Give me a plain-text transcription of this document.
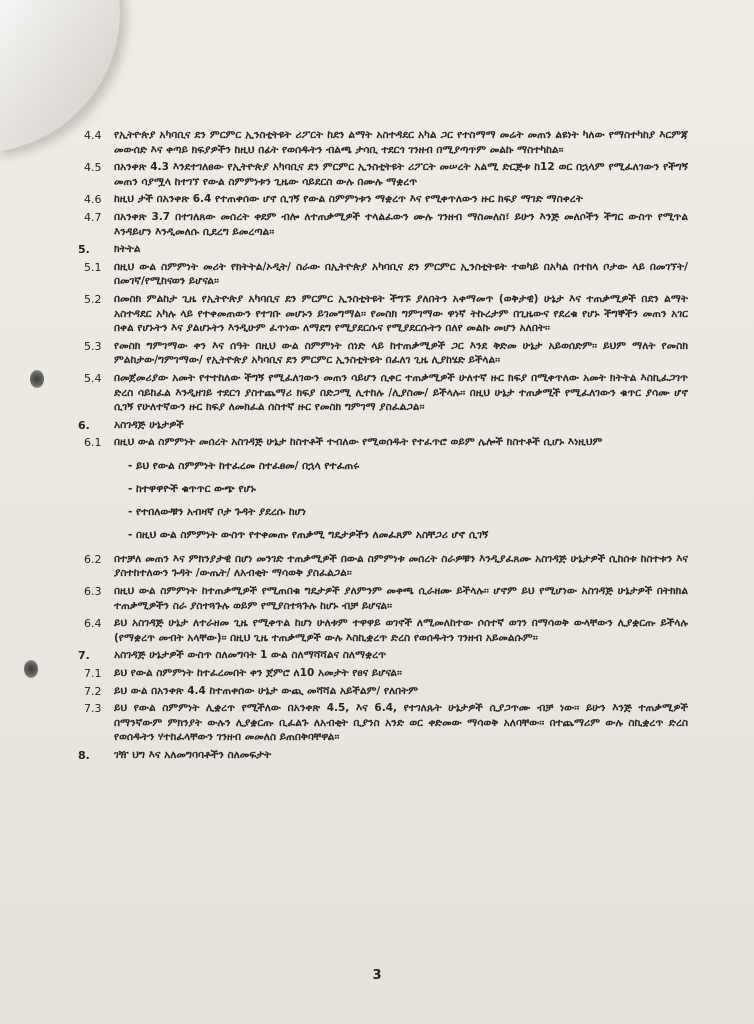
4.4	የኢትዮጵያ አካባቢና ደን ምርምር ኢንስቲትዩት ሪፖርት ከደን ልማት አስተዳደር አካል ጋር የተስማማ መሬት መጠን ልዩነት ካለው የማስተካከያ እርምጃ መውሰድ እና ቀጣይ ክፍያዎችን ከዚህ በፊት የወሰዱትን ብልጫ ታሳቢ ተደርጎ ገንዘብ በሚያጣጥም መልኩ ማስተካከል፡፡
4.5	በአንቀጽ 4.3 እንደተገለፀው የኢትዮጵያ አካባቢና ደን ምርምር ኢንስቲትዩት ሪፖርት መሠረት አልሚ ድርጅቱ ከ12 ወር በኋላም የሚፈለገውን የችግኝ መጠን ሳያሟላ ከተገኘ የውል ስምምነቱን ጊዜው ሳይደርስ ውሉ በሙሉ ማቋረጥ
4.6	ከዚህ ታች በአንቀጽ 6.4 የተጠቀሰው ሆኖ ሲገኝ የውል ስምምነቱን ማቋረጥ እና የሚቀጥለውን ዙር ክፍያ ማገድ ማስቀረት
4.7	በአንቀጽ 3.7 በተገለጸው መሰረት ቀደም ብሎ ለተጠቃሚዎች ተላልፈውን ሙሉ ገንዘብ ማስመለስ፣ ይሁን እንጅ መለሶችን ችግር ውስጥ የሚጥል እንዳይሆን እንዲመለሱ ቢደረግ ይመረጣል፡፡
5.	ክትትል
5.1	በዚህ ውል ስምምነት መሪት የክትትል/ኦዲት/ ስራው በኢትዮጵያ አካባቢና ደን ምርምር ኢንስቲትዩት ተወካይ በአካል በተከላ ቦታው ላይ በመገኘት/በመገኛ/የሚከናወን ይሆናል፡፡
5.2	በመስክ ምልከታ ጊዜ የኢትዮጵያ አካባቢና ደን ምርምር ኢንስቲትዩት ችግኙ ያለበትን አቀማመጥ (ወቅታዊ) ሁኔታ እና ተጠቃሚዎች በደን ልማት አስተዳደር አካሉ ላይ የተቀመጠውን የተገቡ መሆኑን ይገመግማል፡፡ የመስክ ግምገማው ዋነኛ ትኩረታም በጊዜውና የደረቁ የሆኑ ችግኞችን መጠን አገር በቀል የሆኑትን እና ያልሆኑትን እንዲሁም ፈጥነው ለማደግ የሚያደርሱና የሚያደርሱትን በለየ መልኩ መሆን አለበት፡፡
5.3	የመስክ ግምገማው ቀን እና ሰዓት በዚህ ውል ስምምነት ሰነድ ላይ ከተጠቃሚዎች ጋር እንደ ቅድመ ሁኔታ አይወሰድም፡፡ ይህም ማለት የመስክ ምልከታው/ግምገማው/ የኢትዮጵያ አካባቢና ደን ምርምር ኢንስቲትዩት በፈለገ ጊዜ ሊያከሄድ ይችላል፡፡
5.4	በመጀመሪያው አመት የተተከለው ችግኝ የሚፈለገውን መጠን ሳይሆን ሲቀር ተጠቃሚዎች ሁለተኛ ዙር ክፍያ በሚቀጥለው አመት ክትትል እስኪፈጋገጥ ድረስ ሳይከፈል እንዲዘገይ ተደርጎ ያስተጨማሪ ክፍያ በድጋሚ ሊተከሉ /ሊያስሙ/ ይችላሉ፡፡ በዚህ ሁኔታ ተጠቃሚች የሚፈለገውን ቁጥር ያሳሙ ሆኖ ሲገኝ የሁለተኛውን ዙር ክፍያ ለመክፈል ሰስተኛ ዙር የመስክ ግምገማ ያስፈልጋል፡፡
6.	አስገዳጅ ሁኔታዎች
6.1	በዚህ ውል ስምምነት መሰረት አስገዳጅ ሁኔታ ከስተቶች ተብለው የሚወሰዱት የተፈጥሮ ወይም ሌሎች ክስተቶች ሲሆኑ እነዚህም
- ይህ የውል ስምምነት ከተፈረመ ስተፈፀመ/ በኋላ የተፈጠሩ
- ከተዋዋዮች ቁጥጥር ውጭ የሆኑ
- የተበለውቹን አብዛኛ ቦታ ጉዳት ያደረሱ ከሆነ
- በዚህ ውል ስምምነት ውስጥ የተቀመጡ የጠቃሚ ግዴታዎችን ለመፈጸም አስቸጋሪ ሆኖ ሲገኝ
6.2	በተቻለ መጠን እና ምክንያታዊ በሆነ መንገድ ተጠቃሚዎች በውል ስምምነቱ መሰረት ስራዎቹን እንዲያፈጸሙ አስገዳጅ ሁኔታዎች ሲከሰቱ ከስተቱን እና ያስተከተለውን ጉዳት /ውጤት/ ለአብቂት ማሳወቅ ያስፈልጋል፡፡
6.3	በዚህ ውል ስምምነት ከተጠቃሚዎች የሚጠበቁ ግዴታዎች ያለምንም መቀጫ ሲራዘሙ ይችላሉ፡፡ ሆኖም ይህ የሚሆነው አስገዳጅ ሁኔታዎች በትክክል ተጠቃሚዎችን ስራ ያስተጓጉሉ ወይም የሚያስተጓጉሉ ከሆኑ ብቻ ይሆናል፡፡
6.4	ይህ አስገዳጅ ሁኔታ ለተራዘመ ጊዜ የሚቀጥል ከሆነ ሁለቱም ተዋዋይ ወገኖች ለሚመለከተው ሶሰተኛ ወገን በማሳወቅ ውላቸውን ሊያቋርጡ ይችላሉ (የማቋረጥ መብት አላቸው)፡፡ በዚህ ጊዜ ተጠቃሚዎች ውሉ እስኪቋረጥ ድረስ የወሰዱትን ገንዘብ አይመልሱም፡፡
7.	አስገዳጅ ሁኔታዎች ውስጥ ስለመግባት 1 ውል ስለማሻሻልና ስለማቋረጥ
7.1	ይህ የውል ስምምነት ከተፈረመበት ቀን ጀምሮ ለ10 አመታት የፀና ይሆናል፡፡
7.2	ይህ ውል በአንቀጽ 4.4 ከተጠቀሰው ሁኔታ ውጪ መሻሻል አይችልም/ የለበትም
7.3	ይህ የውል ስምምነት ሊቋረጥ የሚችለው በአንቀጽ 4.5, እና 6.4, የተገለጹት ሁኔታዎች ሲያጋጥሙ ብቻ ነው፡፡ ይሁን እንጅ ተጠቃሚዎች በማንኛውም ምክንያት ውሉን ሊያቋርጡ ቢፈልጉ ለአብቂት ቢያንስ አንድ ወር ቀድመው ማሳወቅ አለባቸው፡፡ በተጨማሪም ውሉ ስኪቋረጥ ድረስ የወሰዱትን ሃተከፈላቸውን ገንዘብ መመለስ ይጠበቅባቸዋል፡፡
8.	ገዥ ህግ እና አለመግባባቶችን ስለመፍታት
3
